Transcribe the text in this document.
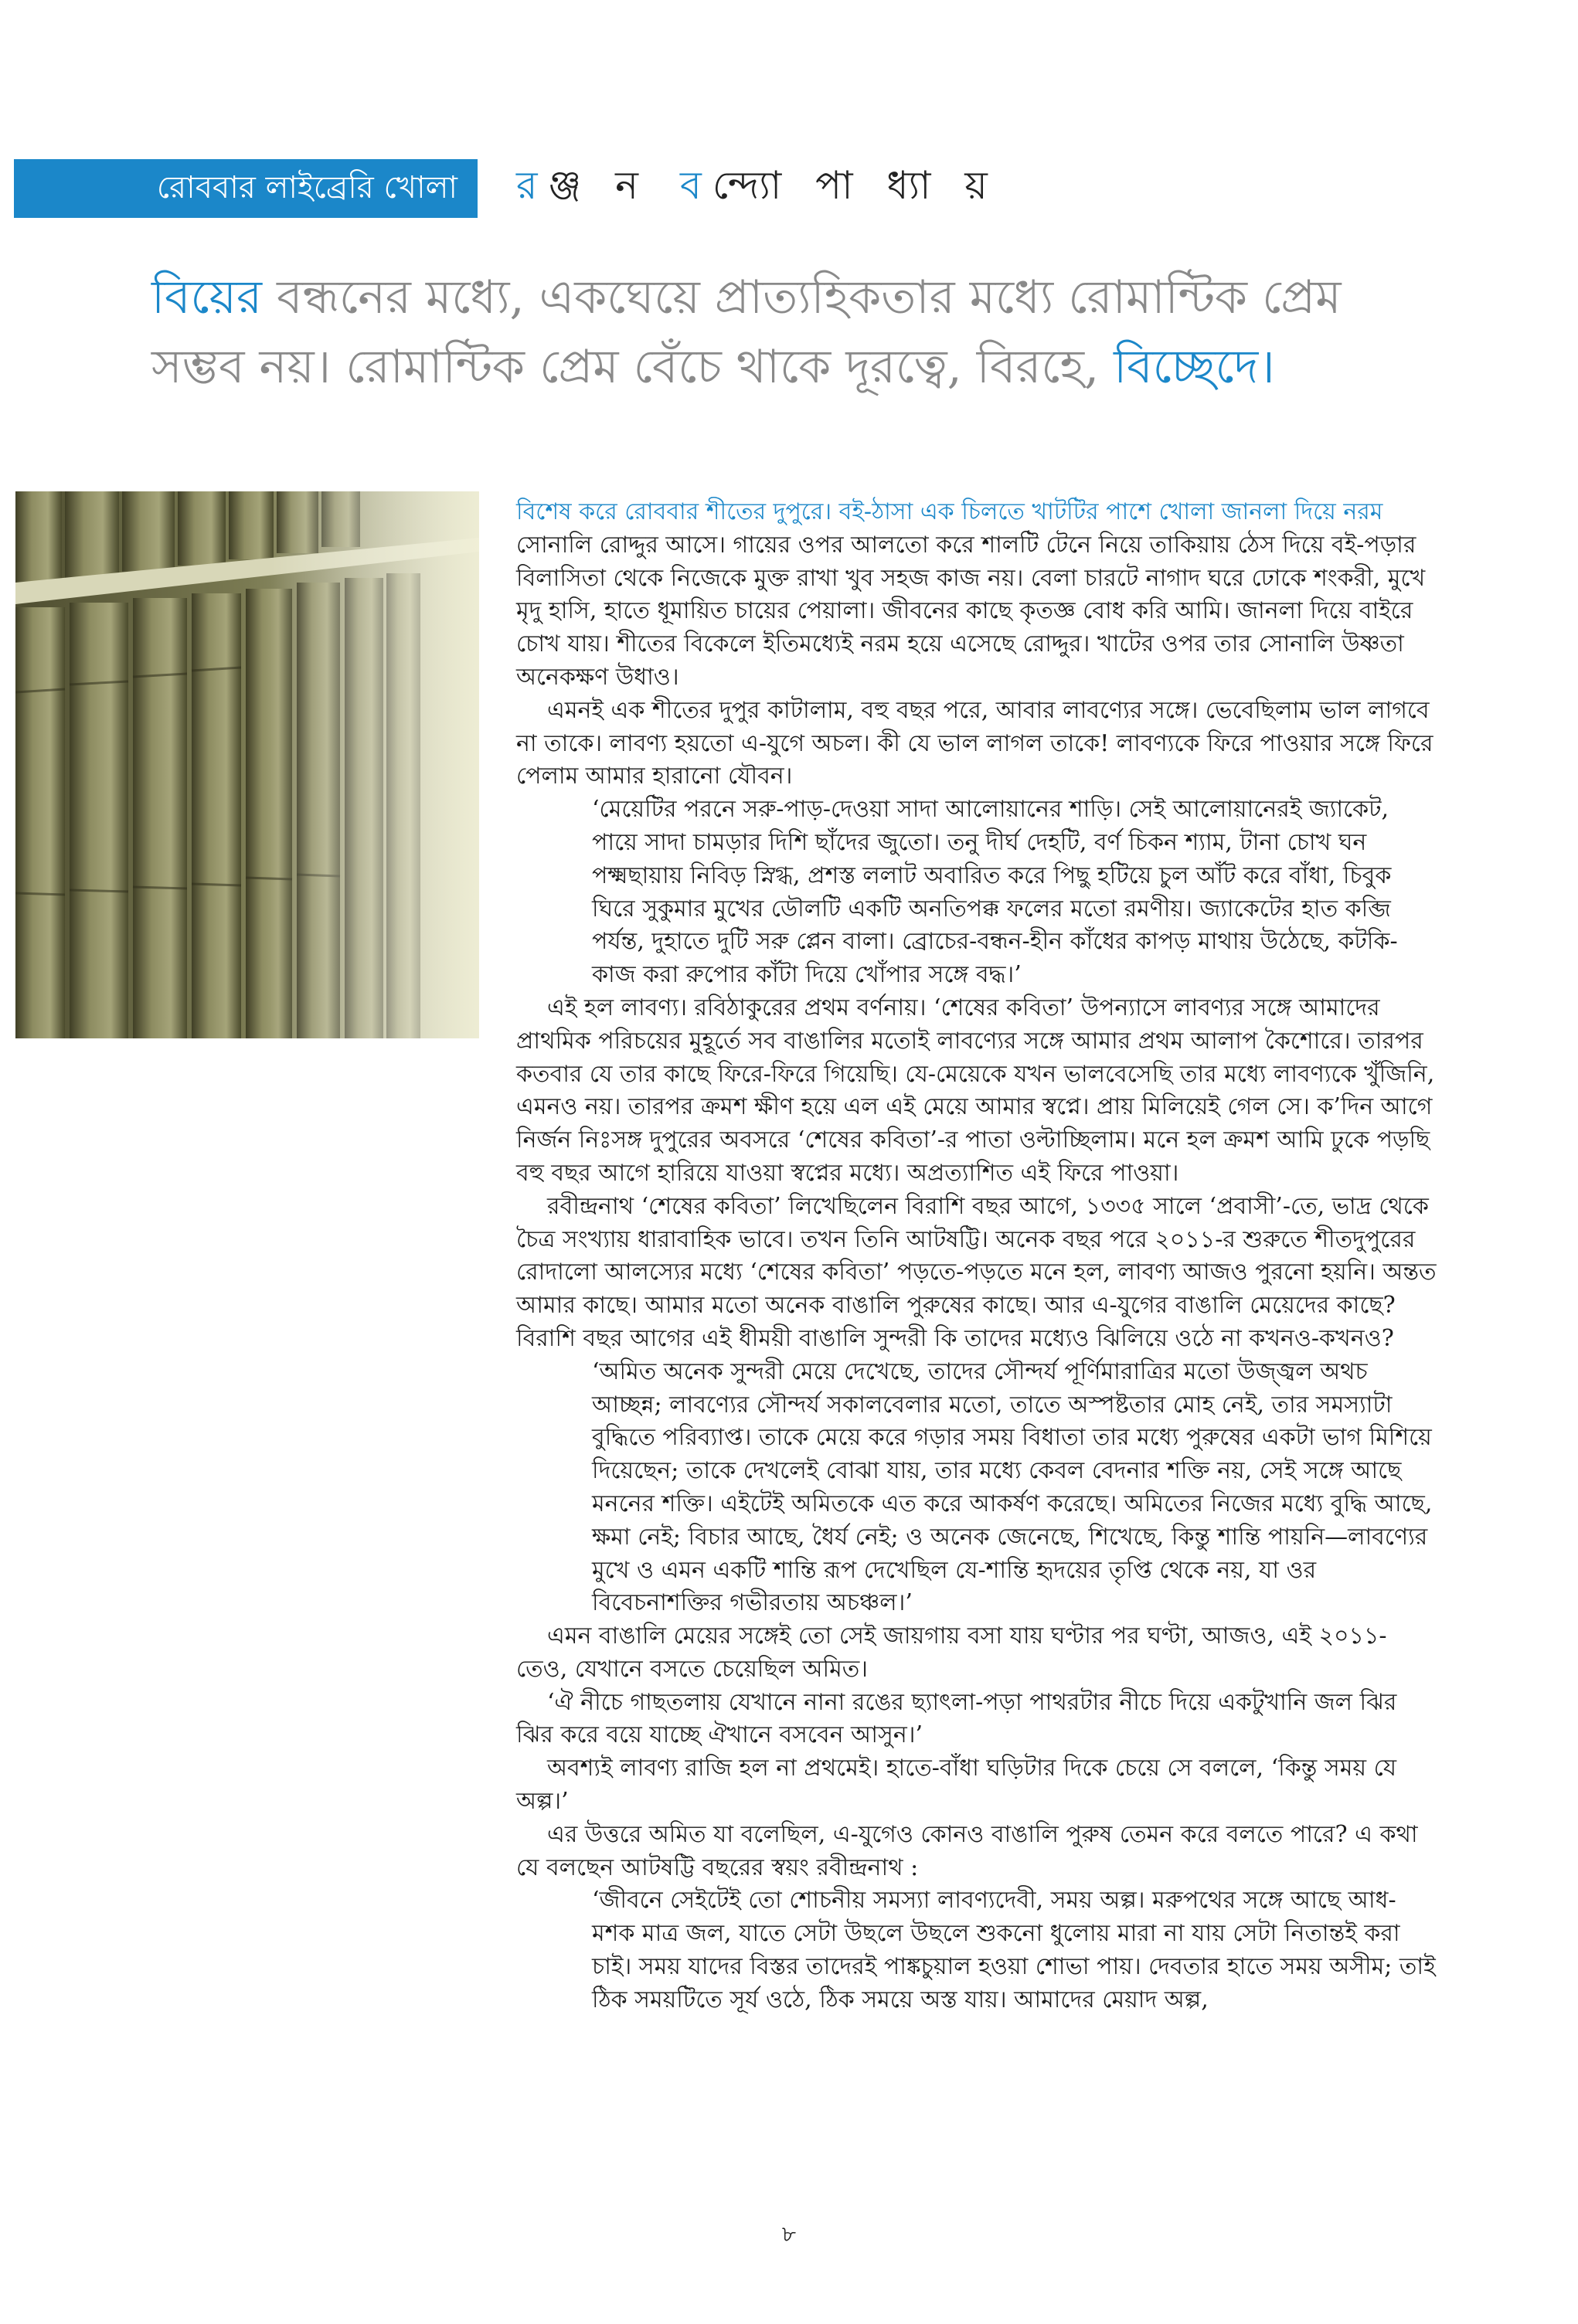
রোববার লাইব্রেরি খোলা র ঞ্জ ন ব ন্দ্যো পা ধ্যা য়
বিয়ের বন্ধনের মধ্যে, একঘেয়ে প্রাত্যহিকতার মধ্যে রোমান্টিক প্রেম সম্ভব নয়। রোমান্টিক প্রেম বেঁচে থাকে দূরত্বে, বিরহে, বিচ্ছেদে।

বিশেষ করে রোববার শীতের দুপুরে। বই-ঠাসা এক চিলতে খাটটির পাশে খোলা জানলা দিয়ে নরম

সোনালি রোদ্দুর আসে। গায়ের ওপর আলতো করে শালটি টেনে নিয়ে তাকিয়ায় ঠেস দিয়ে বই-পড়ার বিলাসিতা থেকে নিজেকে মুক্ত রাখা খুব সহজ কাজ নয়। বেলা চারটে নাগাদ ঘরে ঢোকে শংকরী, মুখে মৃদু হাসি, হাতে ধূমায়িত চায়ের পেয়ালা। জীবনের কাছে কৃতজ্ঞ বোধ করি আমি। জানলা দিয়ে বাইরে চোখ যায়। শীতের বিকেলে ইতিমধ্যেই নরম হয়ে এসেছে রোদ্দুর। খাটের ওপর তার সোনালি উষ্ণতা অনেকক্ষণ উধাও।

এমনই এক শীতের দুপুর কাটালাম, বহু বছর পরে, আবার লাবণ্যের সঙ্গে। ভেবেছিলাম ভাল লাগবে না তাকে। লাবণ্য হয়তো এ-যুগে অচল। কী যে ভাল লাগল তাকে! লাবণ্যকে ফিরে পাওয়ার সঙ্গে ফিরে পেলাম আমার হারানো যৌবন।

‘মেয়েটির পরনে সরু-পাড়-দেওয়া সাদা আলোয়ানের শাড়ি। সেই আলোয়ানেরই জ্যাকেট, পায়ে সাদা চামড়ার দিশি ছাঁদের জুতো। তনু দীর্ঘ দেহটি, বর্ণ চিকন শ্যাম, টানা চোখ ঘন পক্ষ্মছায়ায় নিবিড় স্নিগ্ধ, প্রশস্ত ললাট অবারিত করে পিছু হটিয়ে চুল আঁট করে বাঁধা, চিবুক ঘিরে সুকুমার মুখের ডৌলটি একটি অনতিপক্ক ফলের মতো রমণীয়। জ্যাকেটের হাত কব্জি পর্যন্ত, দুহাতে দুটি সরু প্লেন বালা। ব্রোচের-বন্ধন-হীন কাঁধের কাপড় মাথায় উঠেছে, কটকি-কাজ করা রুপোর কাঁটা দিয়ে খোঁপার সঙ্গে বদ্ধ।’

এই হল লাবণ্য। রবিঠাকুরের প্রথম বর্ণনায়। ‘শেষের কবিতা’ উপন্যাসে লাবণ্যর সঙ্গে আমাদের প্রাথমিক পরিচয়ের মুহূর্তে সব বাঙালির মতোই লাবণ্যের সঙ্গে আমার প্রথম আলাপ কৈশোরে। তারপর কতবার যে তার কাছে ফিরে-ফিরে গিয়েছি। যে-মেয়েকে যখন ভালবেসেছি তার মধ্যে লাবণ্যকে খুঁজিনি, এমনও নয়। তারপর ক্রমশ ক্ষীণ হয়ে এল এই মেয়ে আমার স্বপ্নে। প্রায় মিলিয়েই গেল সে। ক’দিন আগে নির্জন নিঃসঙ্গ দুপুরের অবসরে ‘শেষের কবিতা’-র পাতা ওল্টাচ্ছিলাম। মনে হল ক্রমশ আমি ঢুকে পড়ছি বহু বছর আগে হারিয়ে যাওয়া স্বপ্নের মধ্যে। অপ্রত্যাশিত এই ফিরে পাওয়া।

রবীন্দ্রনাথ ‘শেষের কবিতা’ লিখেছিলেন বিরাশি বছর আগে, ১৩৩৫ সালে ‘প্রবাসী’-তে, ভাদ্র থেকে চৈত্র সংখ্যায় ধারাবাহিক ভাবে। তখন তিনি আটষট্টি। অনেক বছর পরে ২০১১-র শুরুতে শীতদুপুরের রোদালো আলস্যের মধ্যে ‘শেষের কবিতা’ পড়তে-পড়তে মনে হল, লাবণ্য আজও পুরনো হয়নি। অন্তত আমার কাছে। আমার মতো অনেক বাঙালি পুরুষের কাছে। আর এ-যুগের বাঙালি মেয়েদের কাছে? বিরাশি বছর আগের এই ধীময়ী বাঙালি সুন্দরী কি তাদের মধ্যেও ঝিলিয়ে ওঠে না কখনও-কখনও?

‘অমিত অনেক সুন্দরী মেয়ে দেখেছে, তাদের সৌন্দর্য পূর্ণিমারাত্রির মতো উজ্জ্বল অথচ আচ্ছন্ন; লাবণ্যের সৌন্দর্য সকালবেলার মতো, তাতে অস্পষ্টতার মোহ নেই, তার সমস্যাটা বুদ্ধিতে পরিব্যাপ্ত। তাকে মেয়ে করে গড়ার সময় বিধাতা তার মধ্যে পুরুষের একটা ভাগ মিশিয়ে দিয়েছেন; তাকে দেখলেই বোঝা যায়, তার মধ্যে কেবল বেদনার শক্তি নয়, সেই সঙ্গে আছে মননের শক্তি। এইটেই অমিতকে এত করে আকর্ষণ করেছে। অমিতের নিজের মধ্যে বুদ্ধি আছে, ক্ষমা নেই; বিচার আছে, ধৈর্য নেই; ও অনেক জেনেছে, শিখেছে, কিন্তু শান্তি পায়নি—লাবণ্যের মুখে ও এমন একটি শান্তি রূপ দেখেছিল যে-শান্তি হৃদয়ের তৃপ্তি থেকে নয়, যা ওর বিবেচনাশক্তির গভীরতায় অচঞ্চল।’

এমন বাঙালি মেয়ের সঙ্গেই তো সেই জায়গায় বসা যায় ঘণ্টার পর ঘণ্টা, আজও, এই ২০১১-তেও, যেখানে বসতে চেয়েছিল অমিত।

‘ঐ নীচে গাছতলায় যেখানে নানা রঙের ছ্যাৎলা-পড়া পাথরটার নীচে দিয়ে একটুখানি জল ঝির ঝির করে বয়ে যাচ্ছে ঐখানে বসবেন আসুন।’

অবশ্যই লাবণ্য রাজি হল না প্রথমেই। হাতে-বাঁধা ঘড়িটার দিকে চেয়ে সে বললে, ‘কিন্তু সময় যে অল্প।’

এর উত্তরে অমিত যা বলেছিল, এ-যুগেও কোনও বাঙালি পুরুষ তেমন করে বলতে পারে? এ কথা যে বলছেন আটষট্টি বছরের স্বয়ং রবীন্দ্রনাথ :

‘জীবনে সেইটেই তো শোচনীয় সমস্যা লাবণ্যদেবী, সময় অল্প। মরুপথের সঙ্গে আছে আধ-মশক মাত্র জল, যাতে সেটা উছলে উছলে শুকনো ধুলোয় মারা না যায় সেটা নিতান্তই করা চাই। সময় যাদের বিস্তর তাদেরই পাঙ্কচুয়াল হওয়া শোভা পায়। দেবতার হাতে সময় অসীম; তাই ঠিক সময়টিতে সূর্য ওঠে, ঠিক সময়ে অস্ত যায়। আমাদের মেয়াদ অল্প,

৮
